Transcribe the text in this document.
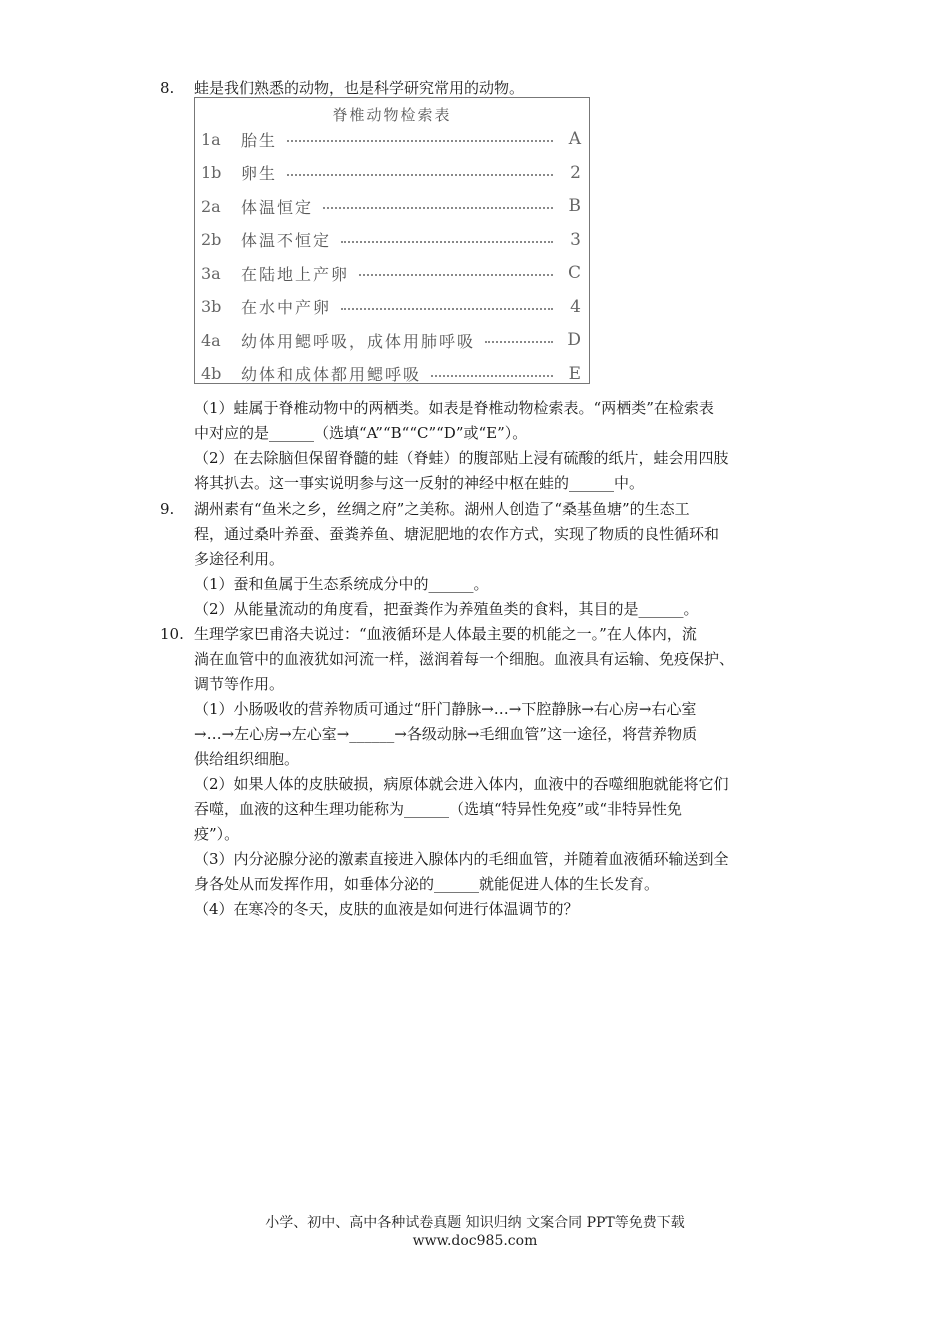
8.	蛙是我们熟悉的动物，也是科学研究常用的动物。

脊椎动物检索表
1a	胎生	A
1b	卵生	2
2a	体温恒定	B
2b	体温不恒定	3
3a	在陆地上产卵	C
3b	在水中产卵	4
4a	幼体用鳃呼吸，成体用肺呼吸	D
4b	幼体和成体都用鳃呼吸	E

（1）蛙属于脊椎动物中的两栖类。如表是脊椎动物检索表。“两栖类”在检索表

中对应的是______（选填“A”“B““C”“D”或“E”）。

（2）在去除脑但保留脊髓的蛙（脊蛙）的腹部贴上浸有硫酸的纸片，蛙会用四肢

将其扒去。这一事实说明参与这一反射的神经中枢在蛙的______中。

9.	湖州素有“鱼米之乡，丝绸之府”之美称。湖州人创造了“桑基鱼塘”的生态工

程，通过桑叶养蚕、蚕粪养鱼、塘泥肥地的农作方式，实现了物质的良性循环和

多途径利用。

（1）蚕和鱼属于生态系统成分中的______。

（2）从能量流动的角度看，把蚕粪作为养殖鱼类的食料，其目的是______。

10. 生理学家巴甫洛夫说过：“血液循环是人体最主要的机能之一。”在人体内，流

淌在血管中的血液犹如河流一样，滋润着每一个细胞。血液具有运输、免疫保护、

调节等作用。

（1）小肠吸收的营养物质可通过“肝门静脉→…→下腔静脉→右心房→右心室

→…→左心房→左心室→______→各级动脉→毛细血管”这一途径，将营养物质

供给组织细胞。

（2）如果人体的皮肤破损，病原体就会进入体内，血液中的吞噬细胞就能将它们

吞噬，血液的这种生理功能称为______（选填“特异性免疫”或“非特异性免

疫”）。

（3）内分泌腺分泌的激素直接进入腺体内的毛细血管，并随着血液循环输送到全

身各处从而发挥作用，如垂体分泌的______就能促进人体的生长发育。

（4）在寒冷的冬天，皮肤的血液是如何进行体温调节的？

小学、初中、高中各种试卷真题 知识归纳 文案合同 PPT等免费下载
www.doc985.com
